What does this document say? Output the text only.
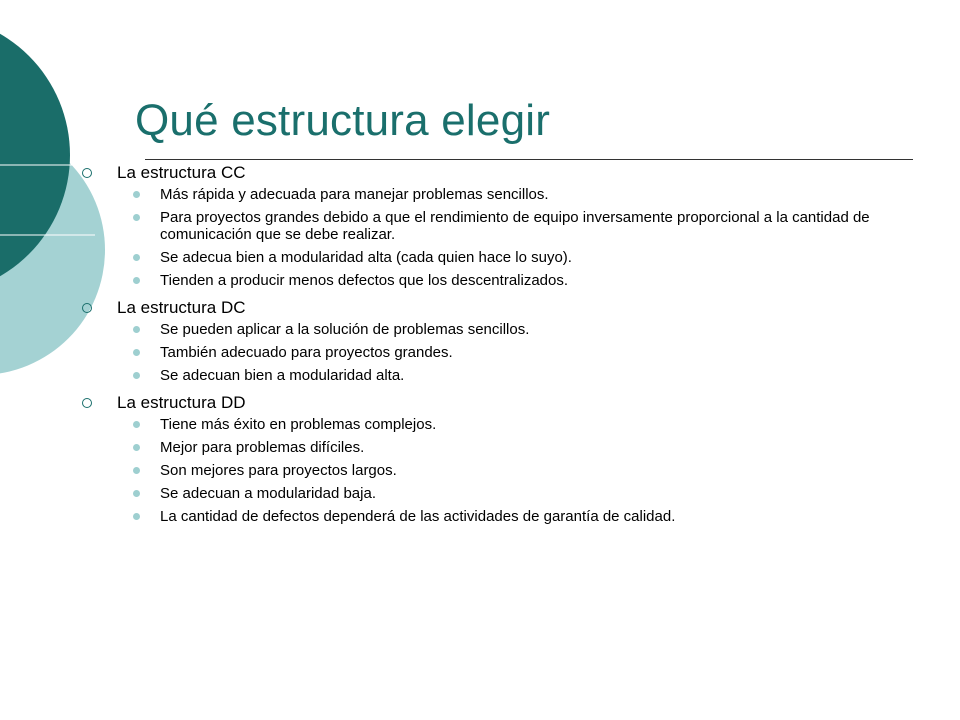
Qué estructura elegir
La estructura CC
Más rápida y adecuada para manejar problemas sencillos.
Para proyectos grandes debido a que el rendimiento de equipo inversamente proporcional a la cantidad de comunicación que se debe realizar.
Se adecua bien a modularidad alta (cada quien hace lo suyo).
Tienden a producir menos defectos que los descentralizados.
La estructura DC
Se pueden aplicar a la solución de problemas sencillos.
También adecuado para proyectos grandes.
Se adecuan bien a modularidad alta.
La estructura DD
Tiene más éxito en problemas complejos.
Mejor para problemas difíciles.
Son mejores para proyectos largos.
Se adecuan a modularidad baja.
La cantidad de defectos dependerá de las actividades de garantía de calidad.
